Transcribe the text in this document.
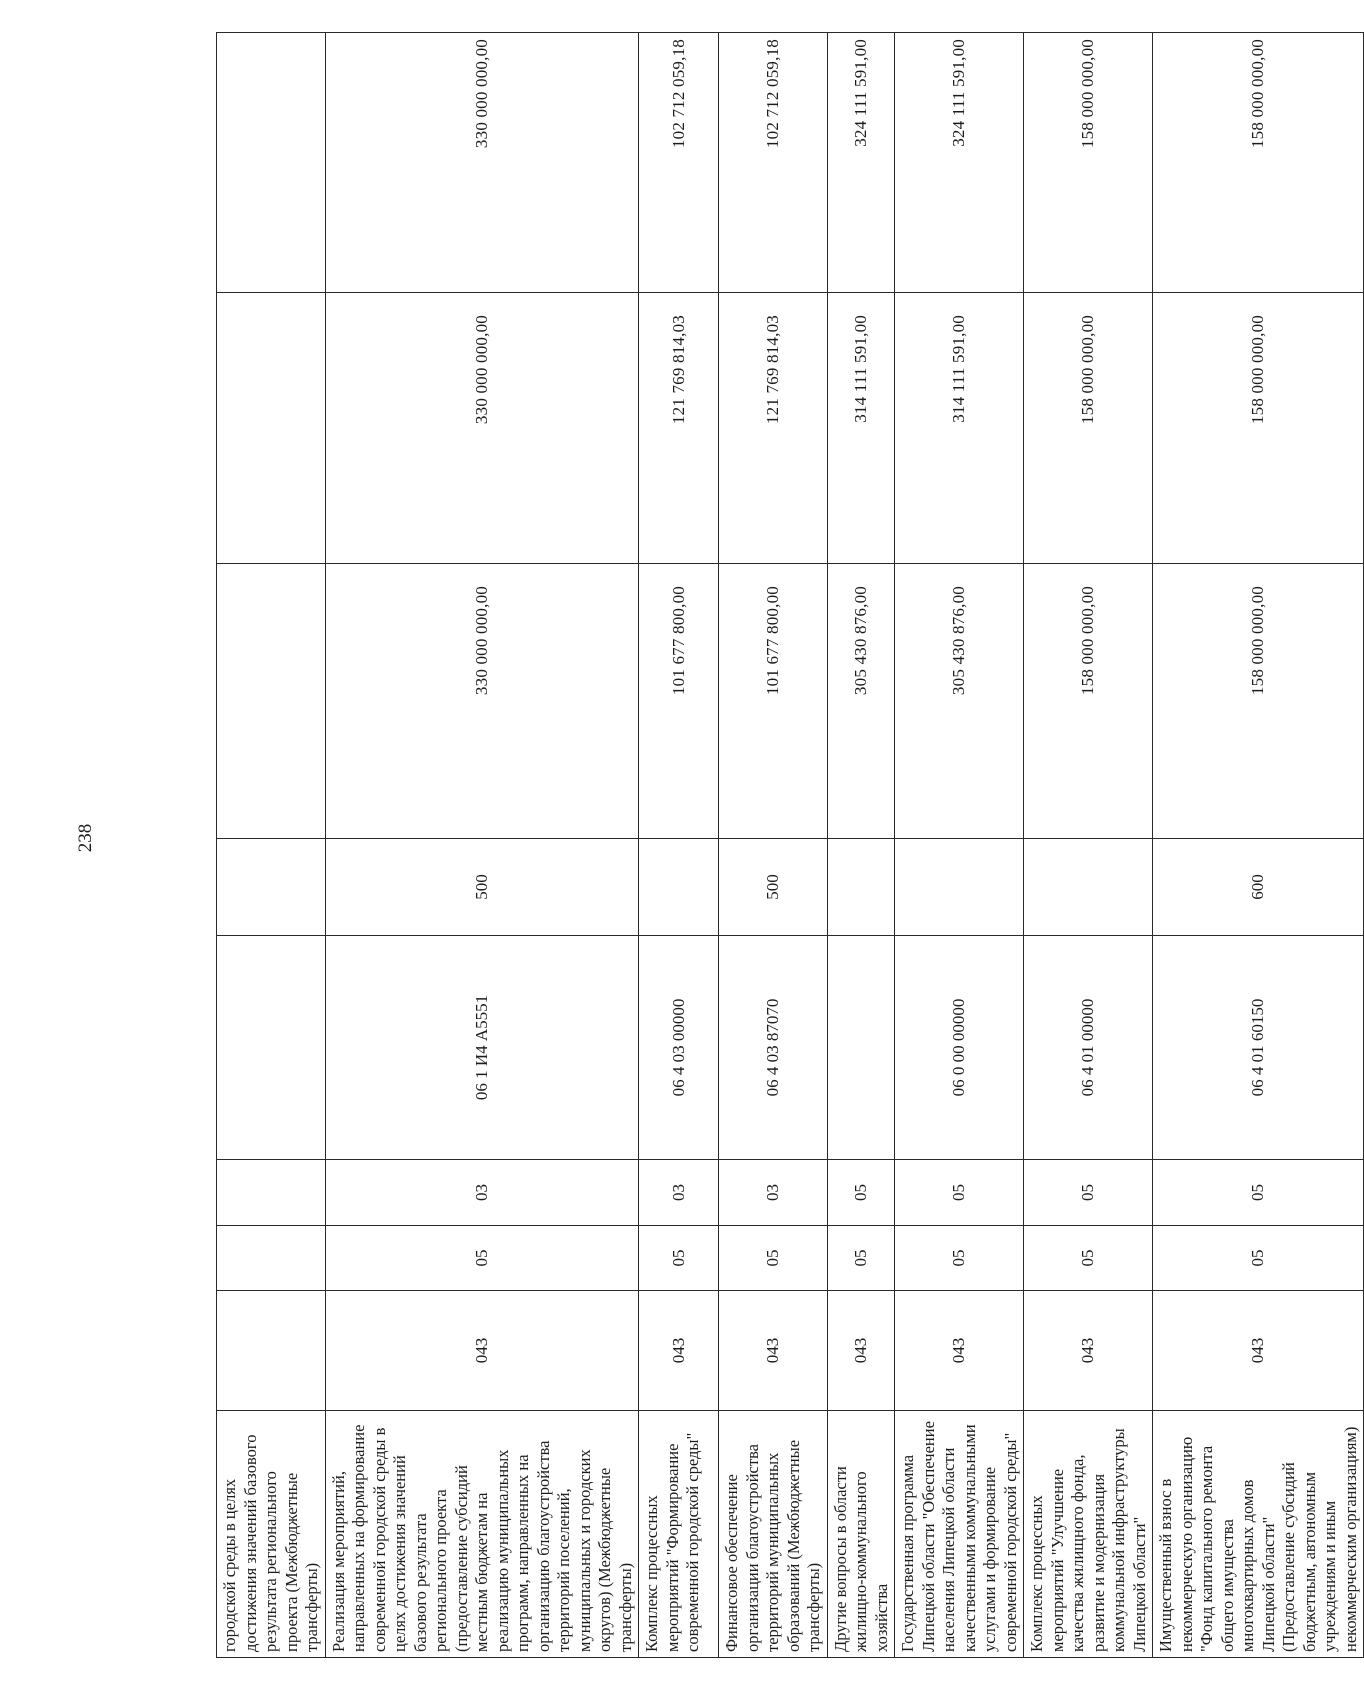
238
городской среды в целях достижения значений базового результата регионального проекта (Межбюджетные трансферты)								
Реализация мероприятий, направленных на формирование современной городской среды в целях достижения значений базового результата регионального проекта (предоставление субсидий местным бюджетам на реализацию муниципальных программ, направленных на организацию благоустройства территорий поселений, муниципальных и городских округов) (Межбюджетные трансферты)	043	05	03	06 1 И4 А5551	500	330 000 000,00	330 000 000,00	330 000 000,00
Комплекс процессных мероприятий "Формирование современной городской среды"	043	05	03	06 4 03 00000		101 677 800,00	121 769 814,03	102 712 059,18
Финансовое обеспечение организации благоустройства территорий муниципальных образований (Межбюджетные трансферты)	043	05	03	06 4 03 87070	500	101 677 800,00	121 769 814,03	102 712 059,18
Другие вопросы в области жилищно-коммунального хозяйства	043	05	05			305 430 876,00	314 111 591,00	324 111 591,00
Государственная программа Липецкой области "Обеспечение населения Липецкой области качественными коммунальными услугами и формирование современной городской среды"	043	05	05	06 0 00 00000		305 430 876,00	314 111 591,00	324 111 591,00
Комплекс процессных мероприятий "Улучшение качества жилищного фонда, развитие и модернизация коммунальной инфраструктуры Липецкой области"	043	05	05	06 4 01 00000		158 000 000,00	158 000 000,00	158 000 000,00
Имущественный взнос в некоммерческую организацию "Фонд капитального ремонта общего имущества многоквартирных домов Липецкой области" (Предоставление субсидий бюджетным, автономным учреждениям и иным некоммерческим организациям)	043	05	05	06 4 01 60150	600	158 000 000,00	158 000 000,00	158 000 000,00
